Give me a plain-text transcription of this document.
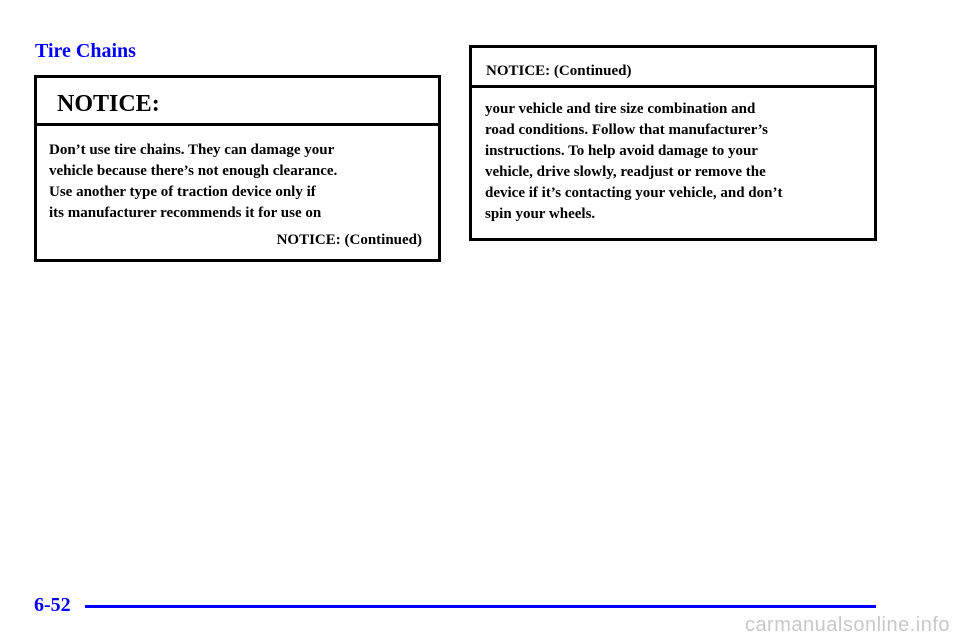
Tire Chains
NOTICE:
Don’t use tire chains. They can damage your
vehicle because there’s not enough clearance.
Use another type of traction device only if
its manufacturer recommends it for use on
NOTICE: (Continued)
NOTICE: (Continued)
your vehicle and tire size combination and
road conditions. Follow that manufacturer’s
instructions. To help avoid damage to your
vehicle, drive slowly, readjust or remove the
device if it’s contacting your vehicle, and don’t
spin your wheels.
6-52
carmanualsonline.info
